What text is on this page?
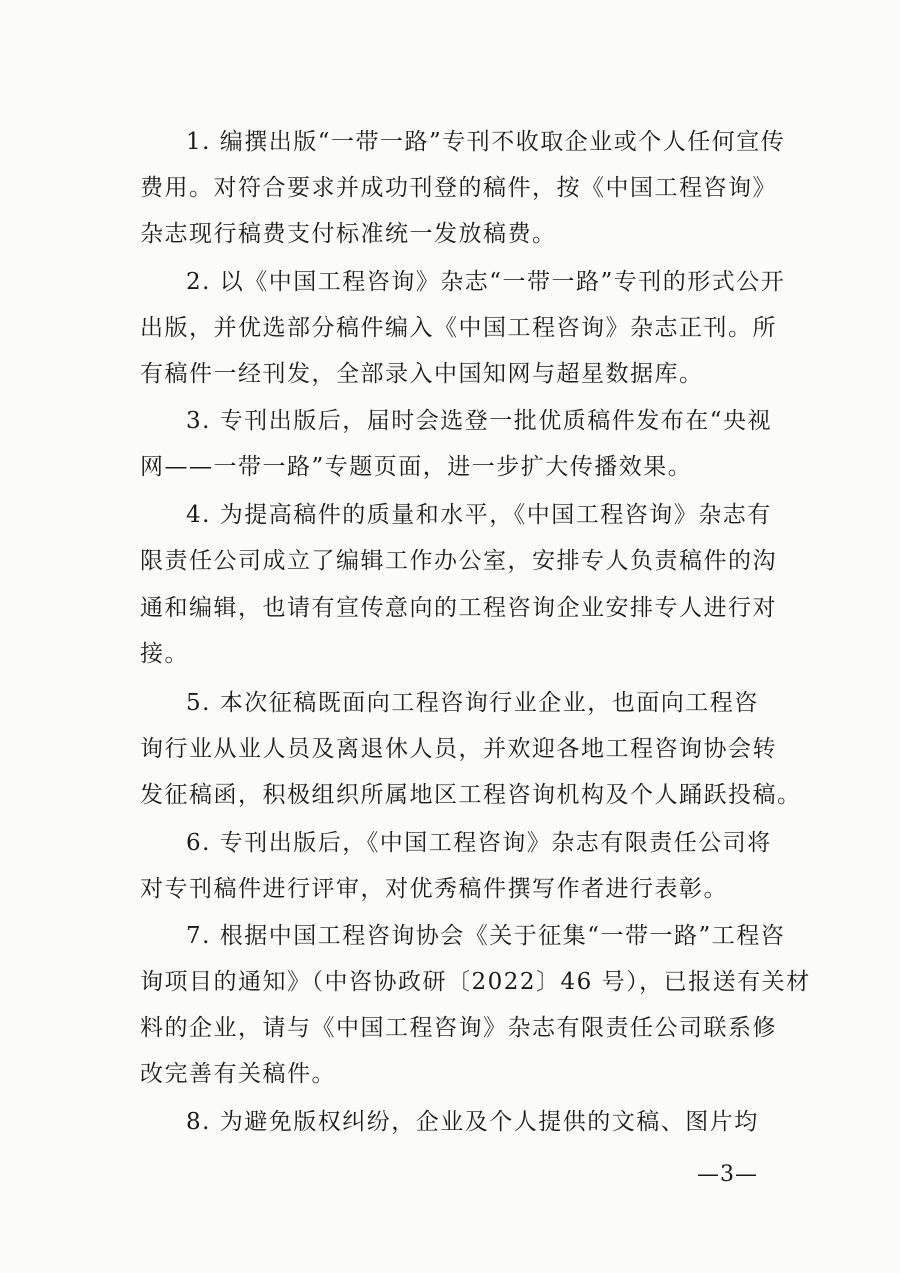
1. 编撰出版“一带一路”专刊不收取企业或个人任何宣传
费用。对符合要求并成功刊登的稿件，按《中国工程咨询》
杂志现行稿费支付标准统一发放稿费。
2. 以《中国工程咨询》杂志“一带一路”专刊的形式公开
出版，并优选部分稿件编入《中国工程咨询》杂志正刊。所
有稿件一经刊发，全部录入中国知网与超星数据库。
3. 专刊出版后，届时会选登一批优质稿件发布在“央视
网——一带一路”专题页面，进一步扩大传播效果。
4. 为提高稿件的质量和水平，《中国工程咨询》杂志有
限责任公司成立了编辑工作办公室，安排专人负责稿件的沟
通和编辑，也请有宣传意向的工程咨询企业安排专人进行对
接。
5. 本次征稿既面向工程咨询行业企业，也面向工程咨
询行业从业人员及离退休人员，并欢迎各地工程咨询协会转
发征稿函，积极组织所属地区工程咨询机构及个人踊跃投稿。
6. 专刊出版后，《中国工程咨询》杂志有限责任公司将
对专刊稿件进行评审，对优秀稿件撰写作者进行表彰。
7. 根据中国工程咨询协会《关于征集“一带一路”工程咨
询项目的通知》（中咨协政研〔2022〕46 号），已报送有关材
料的企业，请与《中国工程咨询》杂志有限责任公司联系修
改完善有关稿件。
8. 为避免版权纠纷，企业及个人提供的文稿、图片均
—3—
